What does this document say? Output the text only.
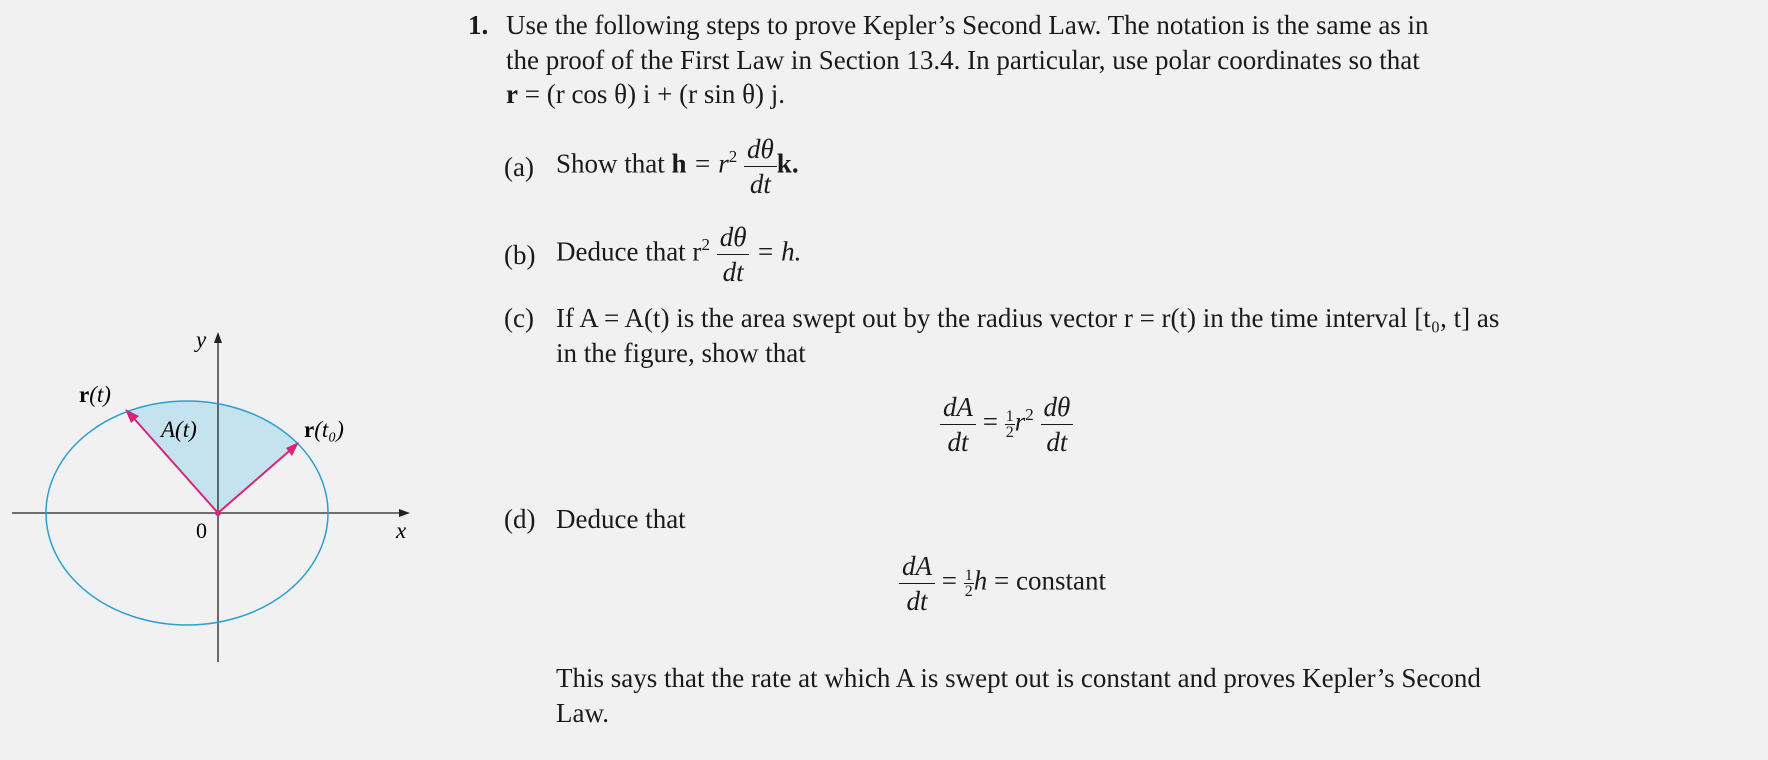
y
x
0
A(t)
r(t)
r(t₀)
1. Use the following steps to prove Kepler’s Second Law. The notation is the same as in
the proof of the First Law in Section 13.4. In particular, use polar coordinates so that
r = (r cos θ) i + (r sin θ) j.
(a) Show that $h = r^2 \frac{d\theta}{dt} k$.
(b) Deduce that $r^2 \frac{d\theta}{dt} = h$.
(c) If A = A(t) is the area swept out by the radius vector r = r(t) in the time interval [t₀, t] as
in the figure, show that
$\frac{dA}{dt} = \frac{1}{2} r^2 \frac{d\theta}{dt}$
(d) Deduce that
$\frac{dA}{dt} = \frac{1}{2}$ h = constant
This says that the rate at which A is swept out is constant and proves Kepler’s Second
Law.
